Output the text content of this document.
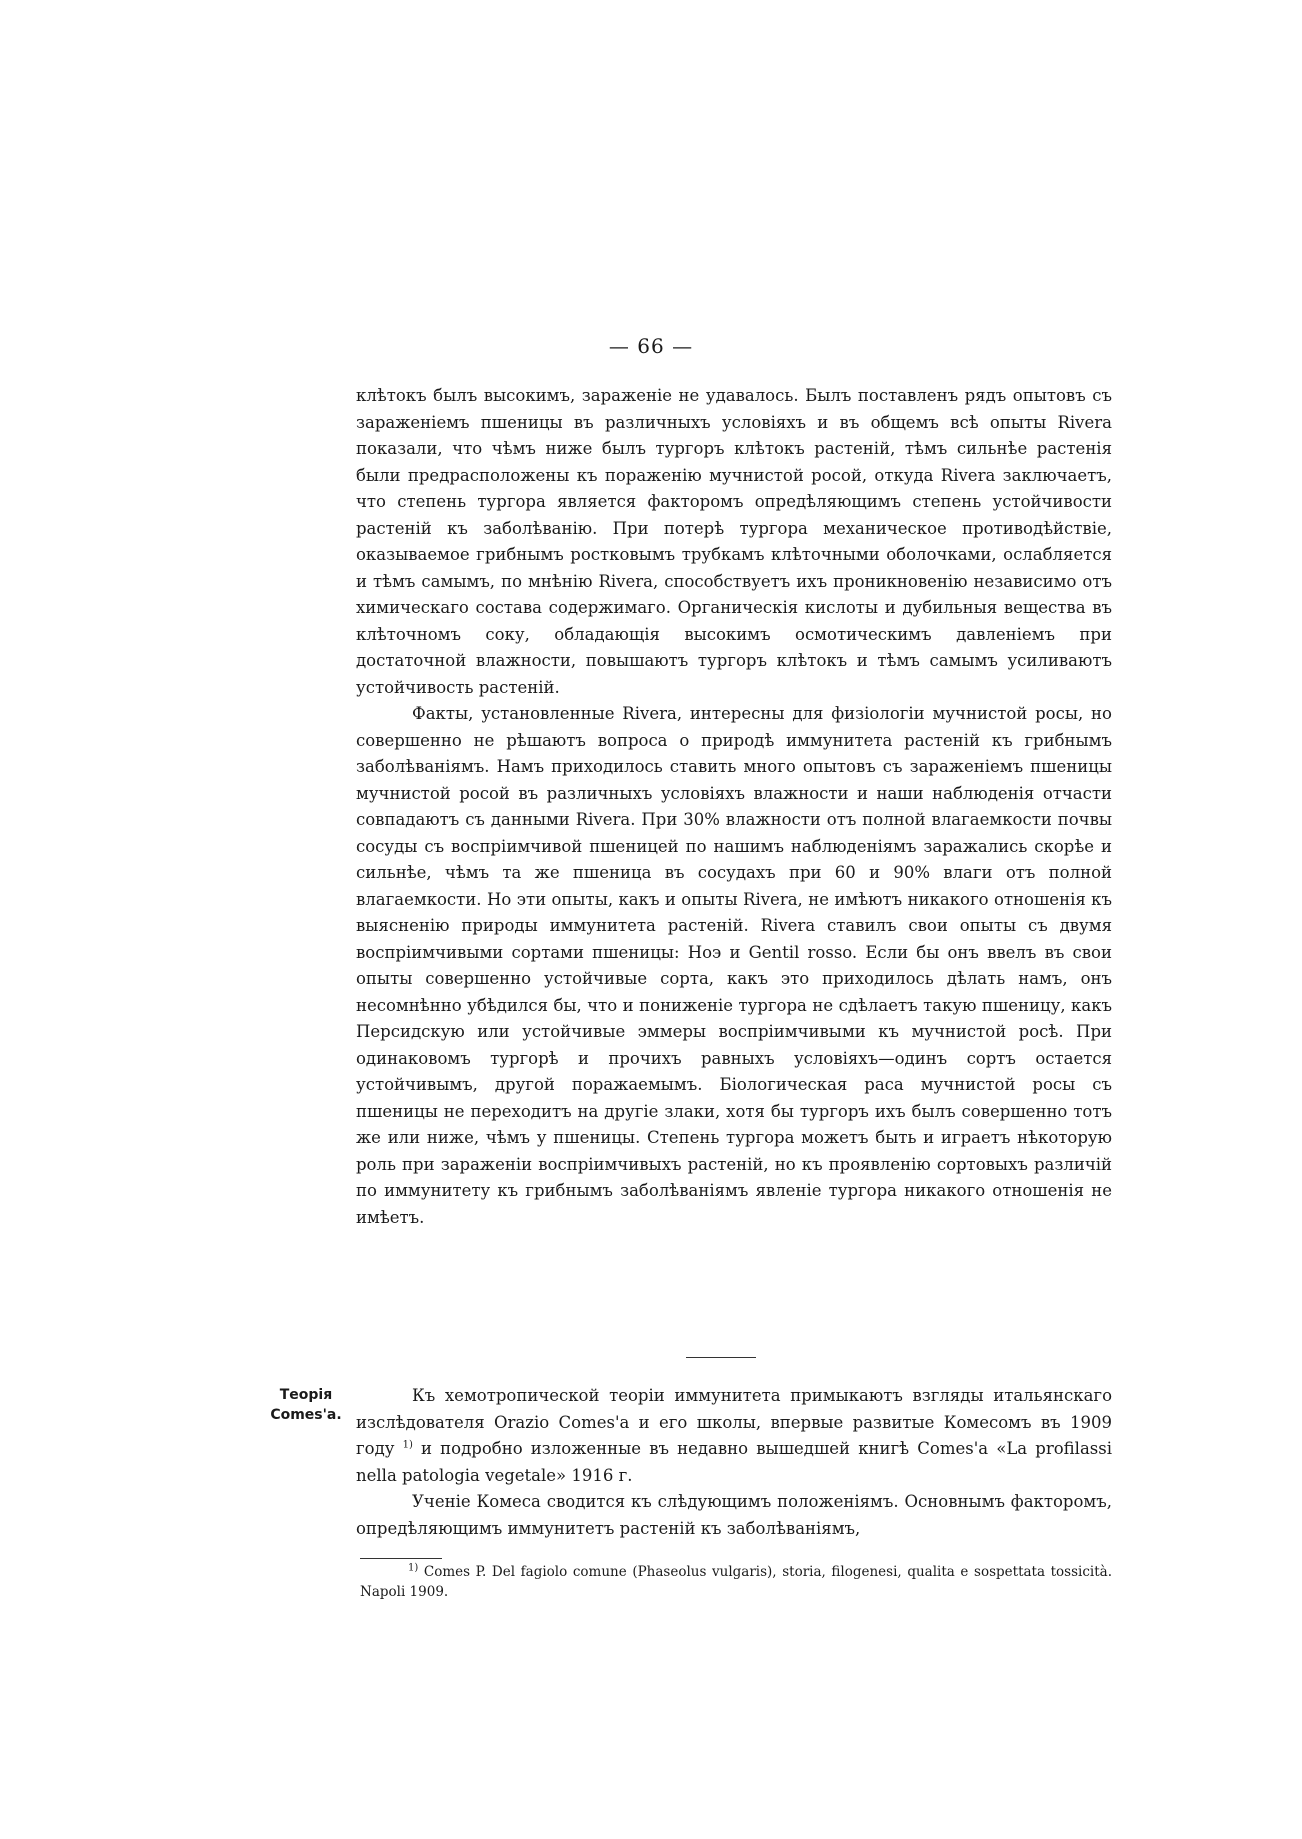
— 66 —

клѣтокъ былъ высокимъ, зараженіе не удавалось. Былъ поставленъ рядъ опытовъ съ зараженіемъ пшеницы въ различныхъ условіяхъ и въ общемъ всѣ опыты Rivera показали, что чѣмъ ниже былъ тургоръ клѣтокъ растеній, тѣмъ сильнѣе растенія были предрасположены къ пораженію мучнистой росой, откуда Rivera заключаетъ, что степень тургора является факторомъ опредѣляющимъ степень устойчивости растеній къ заболѣванію. При потерѣ тургора механическое противодѣйствіе, оказываемое грибнымъ ростковымъ трубкамъ клѣточными оболочками, ослабляется и тѣмъ самымъ, по мнѣнію Rivera, способствуетъ ихъ проникновенію независимо отъ химическаго состава содержимаго. Органическія кислоты и дубильныя вещества въ клѣточномъ соку, обладающія высокимъ осмотическимъ давленіемъ при достаточной влажности, повышаютъ тургоръ клѣтокъ и тѣмъ самымъ усиливаютъ устойчивость растеній.

Факты, установленные Rivera, интересны для физіологіи мучнистой росы, но совершенно не рѣшаютъ вопроса о природѣ иммунитета растеній къ грибнымъ заболѣваніямъ. Намъ приходилось ставить много опытовъ съ зараженіемъ пшеницы мучнистой росой въ различныхъ условіяхъ влажности и наши наблюденія отчасти совпадаютъ съ данными Rivera. При 30% влажности отъ полной влагаемкости почвы сосуды съ воспріимчивой пшеницей по нашимъ наблюденіямъ заражались скорѣе и сильнѣе, чѣмъ та же пшеница въ сосудахъ при 60 и 90% влаги отъ полной влагаемкости. Но эти опыты, какъ и опыты Rivera, не имѣютъ никакого отношенія къ выясненію природы иммунитета растеній. Rivera ставилъ свои опыты съ двумя воспріимчивыми сортами пшеницы: Ноэ и Gentil rosso. Если бы онъ ввелъ въ свои опыты совершенно устойчивые сорта, какъ это приходилось дѣлать намъ, онъ несомнѣнно убѣдился бы, что и пониженіе тургора не сдѣлаетъ такую пшеницу, какъ Персидскую или устойчивые эммеры воспріимчивыми къ мучнистой росѣ. При одинаковомъ тургорѣ и прочихъ равныхъ условіяхъ—одинъ сортъ остается устойчивымъ, другой поражаемымъ. Біологическая раса мучнистой росы съ пшеницы не переходитъ на другіе злаки, хотя бы тургоръ ихъ былъ совершенно тотъ же или ниже, чѣмъ у пшеницы. Степень тургора можетъ быть и играетъ нѣкоторую роль при зараженіи воспріимчивыхъ растеній, но къ проявленію сортовыхъ различій по иммунитету къ грибнымъ заболѣваніямъ явленіе тургора никакого отношенія не имѣетъ.

Теорія
Comes'a.

Къ хемотропической теоріи иммунитета примыкаютъ взгляды итальянскаго изслѣдователя Orazio Comes'a и его школы, впервые развитые Комесомъ въ 1909 году $^{1)}$ и подробно изложенные въ недавно вышедшей книгѣ Comes'a «La profilassi nella patologia vegetale» 1916 г.

Ученіе Комеса сводится къ слѣдующимъ положеніямъ. Основнымъ факторомъ, опредѣляющимъ иммунитетъ растеній къ заболѣваніямъ,

$^{1)}$ Comes P. Del fagiolo comune (Phaseolus vulgaris), storia, filogenesi, qualita e sospettata tossicità. Napoli 1909.
